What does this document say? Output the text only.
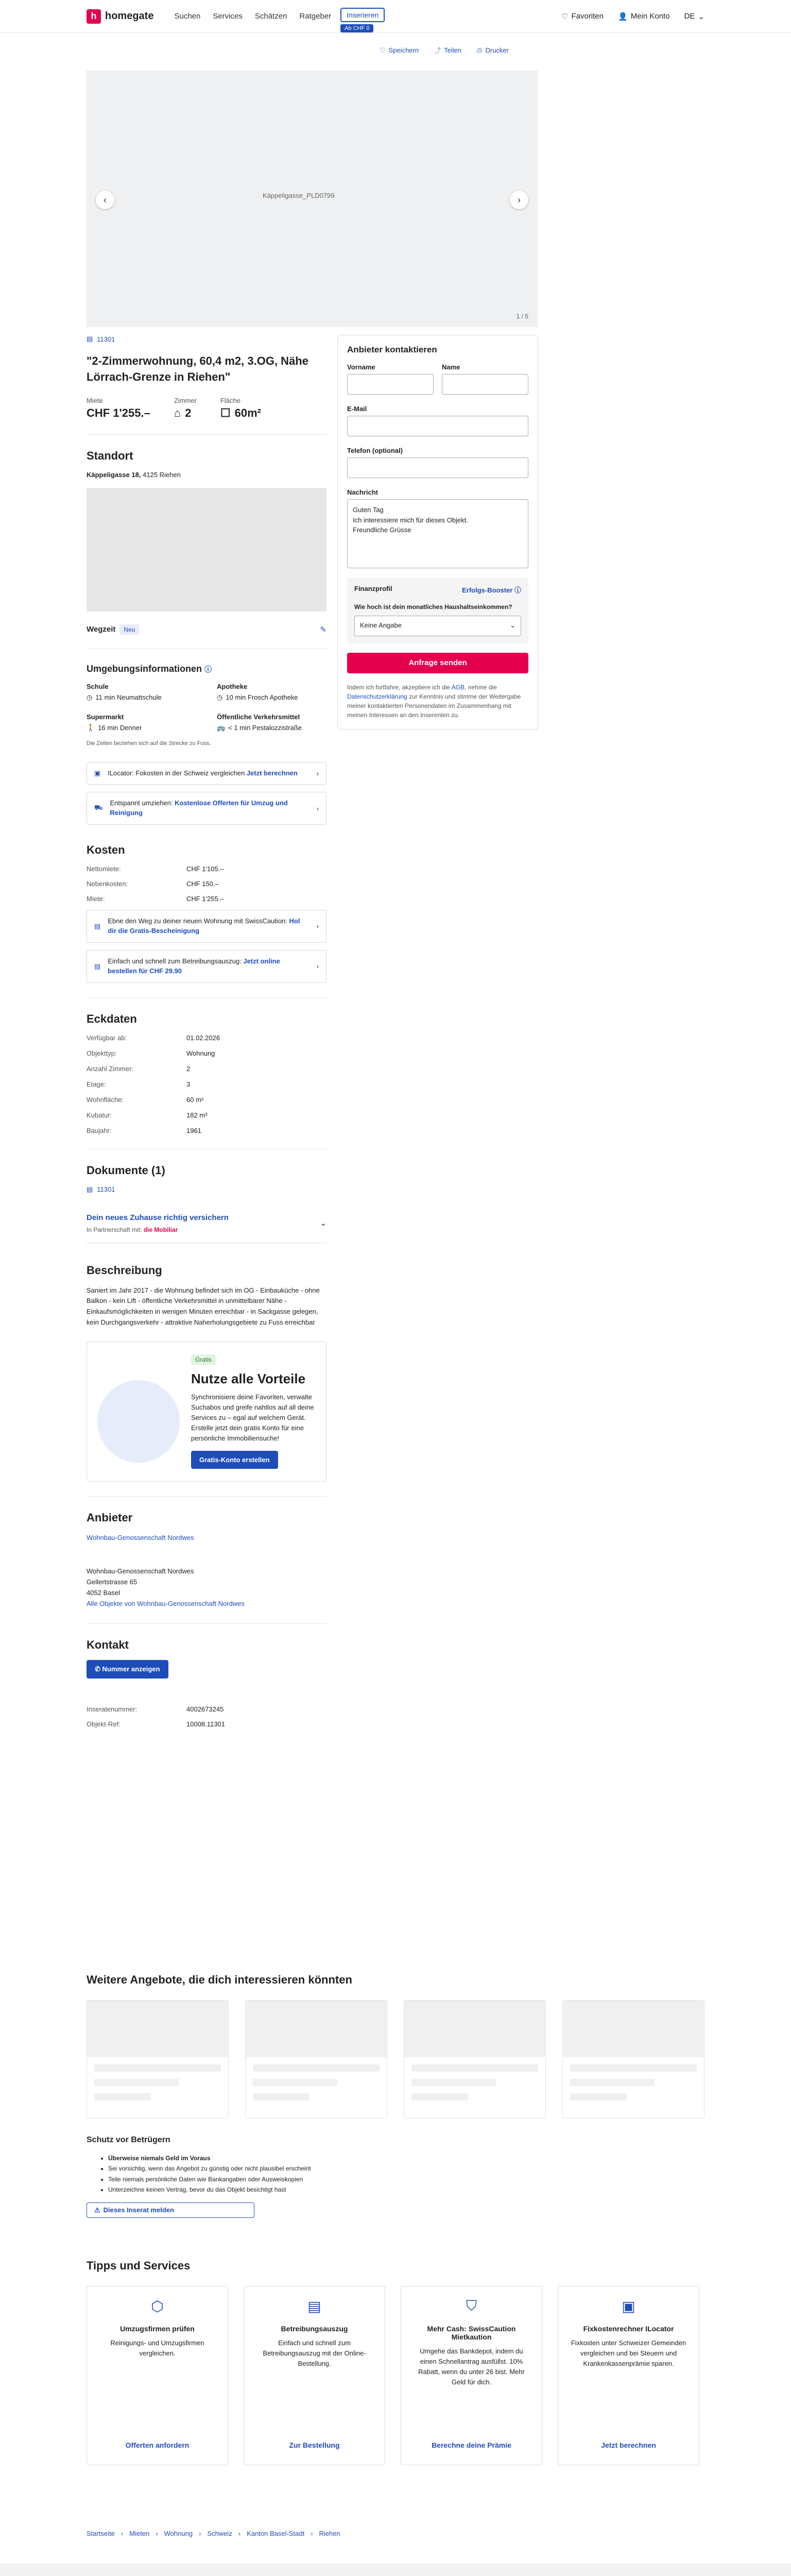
h homegate	Suchen Services Schätzen Ratgeber	Inserieren
Ab CHF 0
♡ Favoriten 👤 Mein Konto DE ⌄
♡ Speichern ⤴ Teilen ⎙ Drucker
Käppeligasse_PLD0799
‹	›
1 / 5
▤ 11301
"2-Zimmerwohnung, 60,4 m2, 3.OG, Nähe Lörrach-Grenze in Riehen"
Miete
CHF 1'255.–
Zimmer
⌂ 2
Fläche
☐ 60m²
Standort
Käppeligasse 18, 4125 Riehen
Wegzeit Neu	✎
Umgebungsinformationen ⓘ
Schule
◷ 11 min Neumattschule
Apotheke
◷ 10 min Frosch Apotheke
Supermarkt
🚶 16 min Denner
Öffentliche Verkehrsmittel
🚌 < 1 min Pestalozzistraße
Die Zeiten beziehen sich auf die Strecke zu Fuss.
▣ ILocator: Fokosten in der Schweiz vergleichen Jetzt berechnen	›
⛟
Entspannt umziehen: Kostenlose Offerten für Umzug und Reinigung
›
Kosten
Nettomiete:	CHF 1'105.–
Nebenkosten:	CHF 150.–
Miete:	CHF 1'255.–
▤
Ebne den Weg zu deiner neuen Wohnung mit SwissCaution: Hol dir die Gratis-Bescheinigung
›
▤
Einfach und schnell zum Betreibungsauszug: Jetzt online bestellen für CHF 29.90
›
Eckdaten
Verfügbar ab:	01.02.2026
Objekttyp:	Wohnung
Anzahl Zimmer:	2
Etage:	3
Wohnfläche:	60 m²
Kubatur:	182 m³
Baujahr:	1961
Dokumente (1)
▤ 11301
Dein neues Zuhause richtig versichern
In Partnerschaft mit: die Mobiliar
⌄
Beschreibung
Saniert im Jahr 2017 - die Wohnung befindet sich im OG - Einbauküche - ohne Balkon - kein Lift - öffentliche Verkehrsmittel in unmittelbarer Nähe - Einkaufsmöglichkeiten in wenigen Minuten erreichbar - in Sackgasse gelegen, kein Durchgangsverkehr - attraktive Naherholungsgebiete zu Fuss erreichbar
Gratis
Nutze alle Vorteile

Synchronisiere deine Favoriten, verwalte Suchabos und greife nahtlos auf all deine Services zu – egal auf welchem Gerät. Erstelle jetzt dein gratis Konto für eine persönliche Immobiliensuche!

Gratis-Konto erstellen
Anbieter
Wohnbau-Genossenschaft Nordwes
Wohnbau-Genossenschaft Nordwes
Gellertstrasse 65
4052 Basel
Alle Objekte von Wohnbau-Genossenschaft Nordwes
Kontakt
✆ Nummer anzeigen
Inseratenummer:	4002673245
Objekt-Ref:	10008.11301
Anbieter kontaktieren
Vorname	Name
E-Mail
Telefon (optional)
Nachricht
Guten Tag
Ich interessiere mich für dieses Objekt.
Freundliche Grüsse
Finanzprofil	Erfolgs-Booster ⓘ
Wie hoch ist dein monatliches Haushaltseinkommen?
Keine Angabe	⌄
Anfrage senden
Indem ich fortfahre, akzeptiere ich die AGB, nehme die Datenschutzerklärung zur Kenntnis und stimme der Weitergabe meiner kontaktierten Personendaten im Zusammenhang mit meinen Interessen an den Inserenten zu.
Weitere Angebote, die dich interessieren könnten
Schutz vor Betrügern
• Überweise niemals Geld im Voraus
• Sei vorsichtig, wenn das Angebot zu günstig oder nicht plausibel erscheint
• Teile niemals persönliche Daten wie Bankangaben oder Ausweiskopien
• Unterzeichne keinen Vertrag, bevor du das Objekt besichtigt hast
⚠ Dieses Inserat melden
Tipps und Services
⬡
Umzugsfirmen prüfen

Reinigungs- und Umzugsfirmen vergleichen.

Offerten anfordern
▤
Betreibungsauszug

Einfach und schnell zum Betreibungsauszug mit der Online-Bestellung.

Zur Bestellung
⛉
Mehr Cash: SwissCaution Mietkaution

Umgehe das Bankdepot, indem du einen Schnellantrag ausfüllst. 10% Rabatt, wenn du unter 26 bist. Mehr Geld für dich.

Berechne deine Prämie
▣
Fixkostenrechner ILocator

Fixkosten unter Schweizer Gemeinden vergleichen und bei Steuern und Krankenkassenprämie sparen.

Jetzt berechnen
Startseite › Mieten › Wohnung › Schweiz › Kanton Basel-Stadt › Riehen
